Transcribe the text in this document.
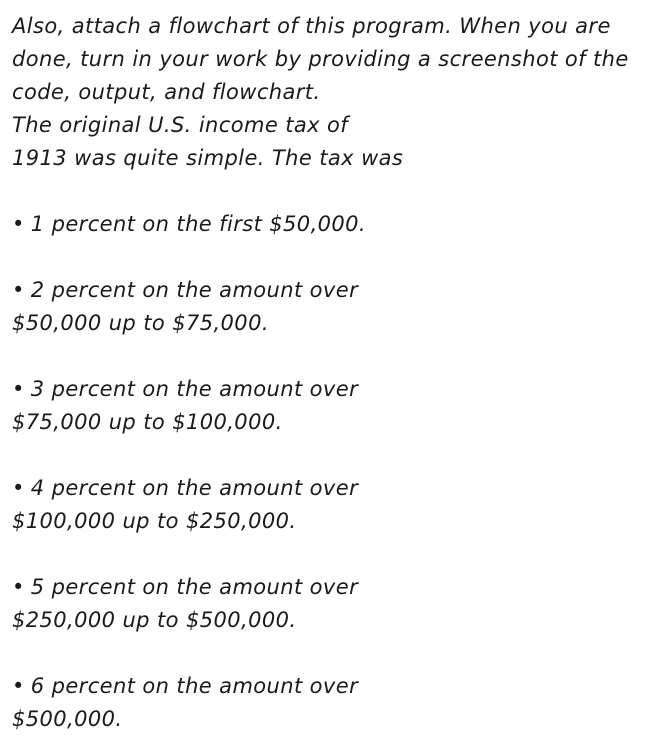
Also, attach a flowchart of this program. When you are
done, turn in your work by providing a screenshot of the
code, output, and flowchart.
The original U.S. income tax of
1913 was quite simple. The tax was
• 1 percent on the first $50,000.
• 2 percent on the amount over
$50,000 up to $75,000.
• 3 percent on the amount over
$75,000 up to $100,000.
• 4 percent on the amount over
$100,000 up to $250,000.
• 5 percent on the amount over
$250,000 up to $500,000.
• 6 percent on the amount over
$500,000.
